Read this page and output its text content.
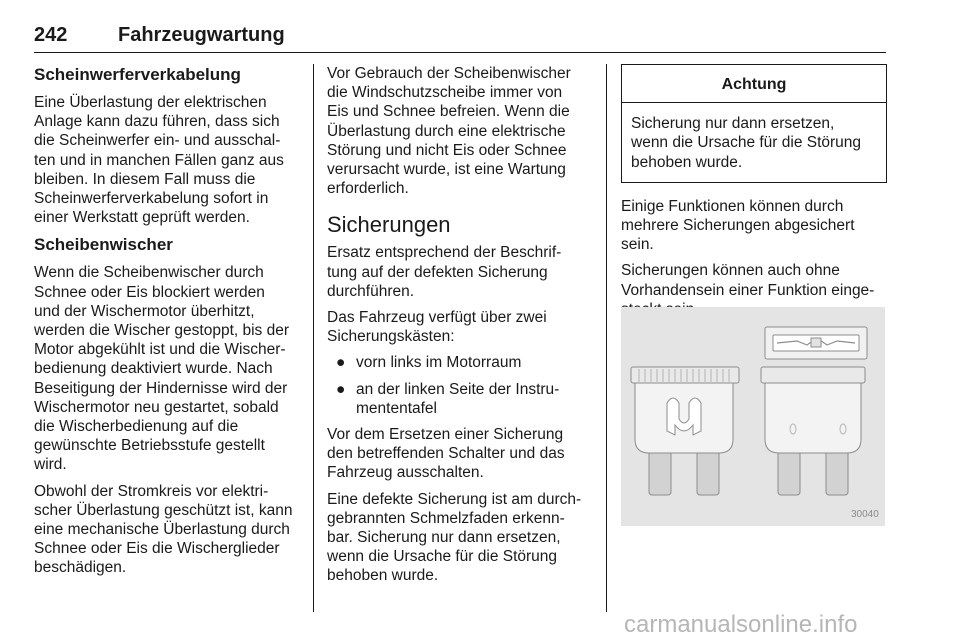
242	Fahrzeugwartung
Scheinwerferverkabelung

Eine Überlastung der elektrischen
Anlage kann dazu führen, dass sich
die Scheinwerfer ein- und ausschal-
ten und in manchen Fällen ganz aus
bleiben. In diesem Fall muss die
Scheinwerferverkabelung sofort in
einer Werkstatt geprüft werden.

Scheibenwischer

Wenn die Scheibenwischer durch
Schnee oder Eis blockiert werden
und der Wischermotor überhitzt,
werden die Wischer gestoppt, bis der
Motor abgekühlt ist und die Wischer-
bedienung deaktiviert wurde. Nach
Beseitigung der Hindernisse wird der
Wischermotor neu gestartet, sobald
die Wischerbedienung auf die
gewünschte Betriebsstufe gestellt
wird.

Obwohl der Stromkreis vor elektri-
scher Überlastung geschützt ist, kann
eine mechanische Überlastung durch
Schnee oder Eis die Wischerglieder
beschädigen.

Vor Gebrauch der Scheibenwischer
die Windschutzscheibe immer von
Eis und Schnee befreien. Wenn die
Überlastung durch eine elektrische
Störung und nicht Eis oder Schnee
verursacht wurde, ist eine Wartung
erforderlich.

Sicherungen

Ersatz entsprechend der Beschrif-
tung auf der defekten Sicherung
durchführen.

Das Fahrzeug verfügt über zwei
Sicherungskästen:

● vorn links im Motorraum
● an der linken Seite der Instru-
mententafel

Vor dem Ersetzen einer Sicherung
den betreffenden Schalter und das
Fahrzeug ausschalten.

Eine defekte Sicherung ist am durch-
gebrannten Schmelzfaden erkenn-
bar. Sicherung nur dann ersetzen,
wenn die Ursache für die Störung
behoben wurde.

Achtung
Sicherung nur dann ersetzen,
wenn die Ursache für die Störung
behoben wurde.

Einige Funktionen können durch
mehrere Sicherungen abgesichert
sein.

Sicherungen können auch ohne
Vorhandensein einer Funktion einge-

30040
carmanualsonline.info
